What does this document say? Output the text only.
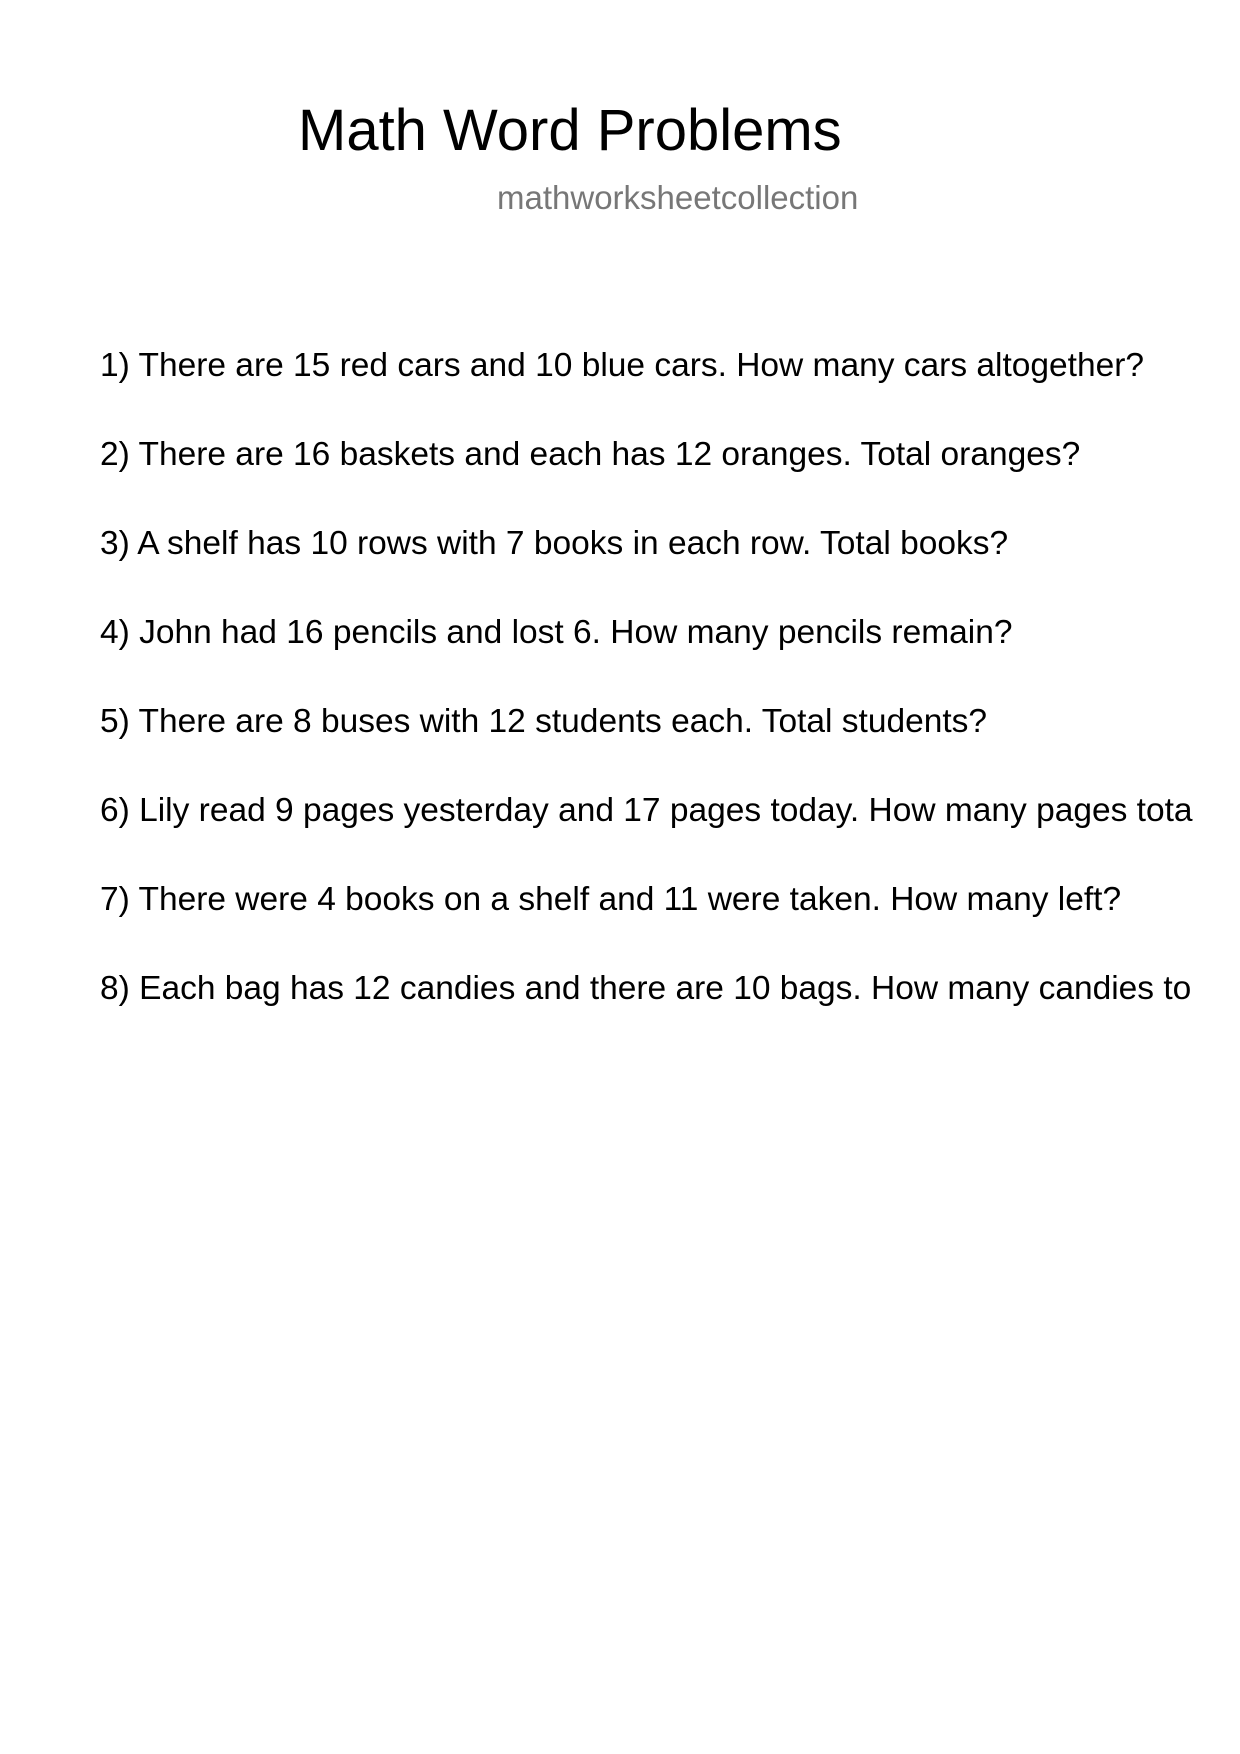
Math Word Problems

mathworksheetcollection

1) There are 15 red cars and 10 blue cars. How many cars altogether?
2) There are 16 baskets and each has 12 oranges. Total oranges?
3) A shelf has 10 rows with 7 books in each row. Total books?
4) John had 16 pencils and lost 6. How many pencils remain?
5) There are 8 buses with 12 students each. Total students?
6) Lily read 9 pages yesterday and 17 pages today. How many pages tota
7) There were 4 books on a shelf and 11 were taken. How many left?
8) Each bag has 12 candies and there are 10 bags. How many candies to
